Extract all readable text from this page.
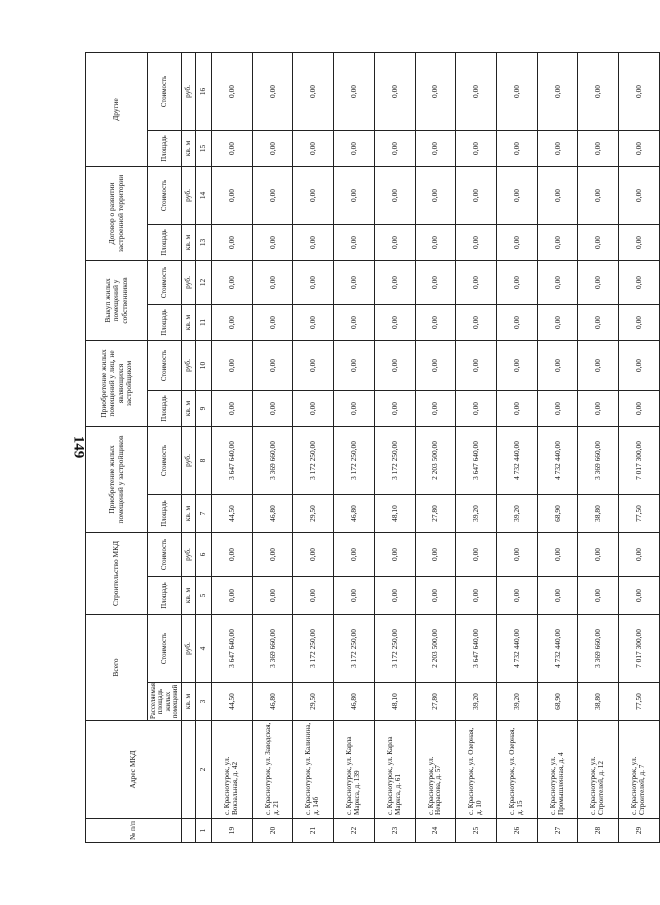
149
№ п/п	Адрес МКД	Всего		Строительство МКД		Приобретение жилых помещений у застройщиков		Приобретение жилых помещений у лиц, не являющихся застройщиком		Выкуп жилых помещений у собственников		Договор о развитии застроенной территории		Другие	
		Расселяемая площадь жилых помещений	Стоимость	Площадь	Стоимость	Площадь	Стоимость	Площадь	Стоимость	Площадь	Стоимость	Площадь	Стоимость	Площадь	Стоимость
		кв. м	руб.	кв. м	руб.	кв. м	руб.	кв. м	руб.	кв. м	руб.	кв. м	руб.	кв. м	руб.
1	2	3	4	5	6	7	8	9	10	11	12	13	14	15	16
19	с. Краснотурок, ул. Вокзальная, д. 42	44,50	3 647 640,00	0,00	0,00	44,50	3 647 640,00	0,00	0,00	0,00	0,00	0,00	0,00	0,00	0,00
20	с. Краснотурок, ул. Заводская, д. 21	46,80	3 369 660,00	0,00	0,00	46,80	3 369 660,00	0,00	0,00	0,00	0,00	0,00	0,00	0,00	0,00
21	с. Краснотурок, ул. Калинина, д. 14б	29,50	3 172 250,00	0,00	0,00	29,50	3 172 250,00	0,00	0,00	0,00	0,00	0,00	0,00	0,00	0,00
22	с. Краснотурок, ул. Карла Маркса, д. 139	46,80	3 172 250,00	0,00	0,00	46,80	3 172 250,00	0,00	0,00	0,00	0,00	0,00	0,00	0,00	0,00
23	с. Краснотурок, ул. Карла Маркса, д. 61	48,10	3 172 250,00	0,00	0,00	48,10	3 172 250,00	0,00	0,00	0,00	0,00	0,00	0,00	0,00	0,00
24	с. Краснотурок, ул. Некрасова, д. 57	27,80	2 203 500,00	0,00	0,00	27,80	2 203 500,00	0,00	0,00	0,00	0,00	0,00	0,00	0,00	0,00
25	с. Краснотурок, ул. Озерная, д. 10	39,20	3 647 640,00	0,00	0,00	39,20	3 647 640,00	0,00	0,00	0,00	0,00	0,00	0,00	0,00	0,00
26	с. Краснотурок, ул. Озерная, д. 15	39,20	4 732 440,00	0,00	0,00	39,20	4 732 440,00	0,00	0,00	0,00	0,00	0,00	0,00	0,00	0,00
27	с. Краснотурок, ул. Промышленная, д. 4	68,90	4 732 440,00	0,00	0,00	68,90	4 732 440,00	0,00	0,00	0,00	0,00	0,00	0,00	0,00	0,00
28	с. Краснотурок, ул. Строителей, д. 12	38,80	3 369 660,00	0,00	0,00	38,80	3 369 660,00	0,00	0,00	0,00	0,00	0,00	0,00	0,00	0,00
29	с. Краснотурок, ул. Строителей, д. 7	77,50	7 017 300,00	0,00	0,00	77,50	7 017 300,00	0,00	0,00	0,00	0,00	0,00	0,00	0,00	0,00
